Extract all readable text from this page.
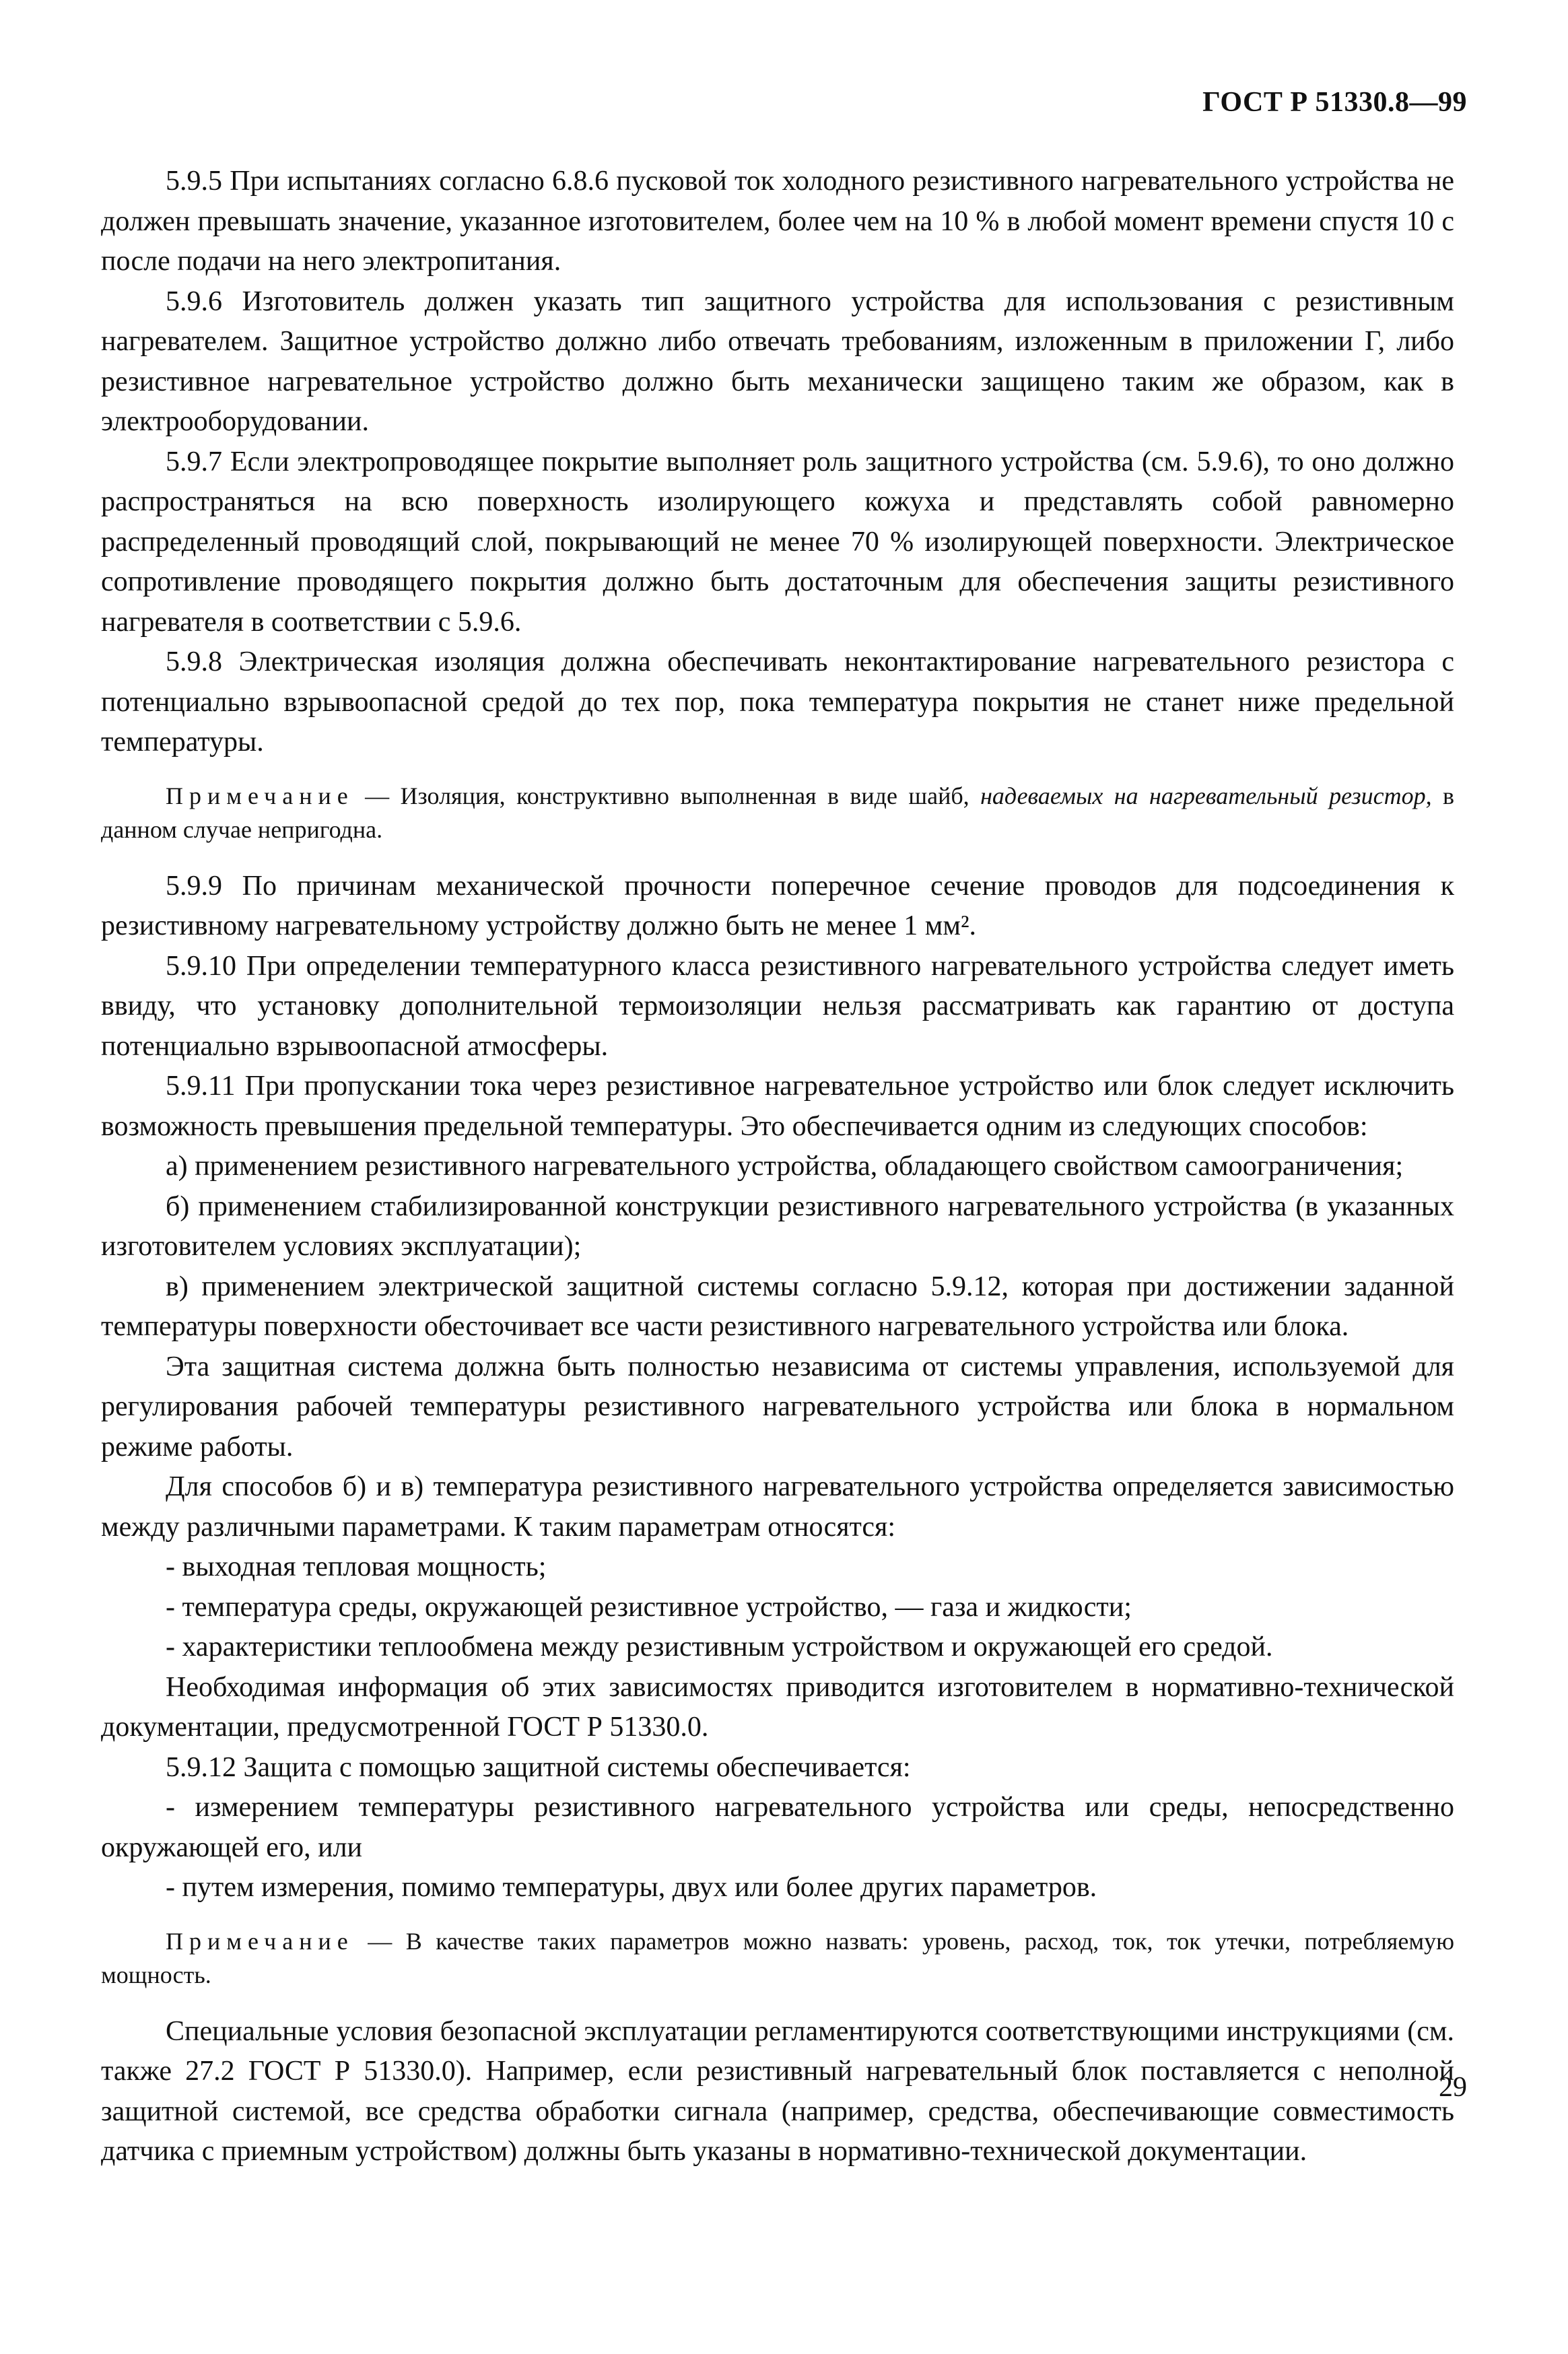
ГОСТ Р 51330.8—99

5.9.5 При испытаниях согласно 6.8.6 пусковой ток холодного резистивного нагревательного устройства не должен превышать значение, указанное изготовителем, более чем на 10 % в любой момент времени спустя 10 с после подачи на него электропитания.

5.9.6 Изготовитель должен указать тип защитного устройства для использования с резистивным нагревателем. Защитное устройство должно либо отвечать требованиям, изложенным в приложении Г, либо резистивное нагревательное устройство должно быть механически защищено таким же образом, как в электрооборудовании.

5.9.7 Если электропроводящее покрытие выполняет роль защитного устройства (см. 5.9.6), то оно должно распространяться на всю поверхность изолирующего кожуха и представлять собой равномерно распределенный проводящий слой, покрывающий не менее 70 % изолирующей поверхности. Электрическое сопротивление проводящего покрытия должно быть достаточным для обеспечения защиты резистивного нагревателя в соответствии с 5.9.6.

5.9.8 Электрическая изоляция должна обеспечивать неконтактирование нагревательного резистора с потенциально взрывоопасной средой до тех пор, пока температура покрытия не станет ниже предельной температуры.

Примечание — Изоляция, конструктивно выполненная в виде шайб, надеваемых на нагревательный резистор, в данном случае непригодна.

5.9.9 По причинам механической прочности поперечное сечение проводов для подсоединения к резистивному нагревательному устройству должно быть не менее 1 мм².

5.9.10 При определении температурного класса резистивного нагревательного устройства следует иметь ввиду, что установку дополнительной термоизоляции нельзя рассматривать как гарантию от доступа потенциально взрывоопасной атмосферы.

5.9.11 При пропускании тока через резистивное нагревательное устройство или блок следует исключить возможность превышения предельной температуры. Это обеспечивается одним из следующих способов:

а) применением резистивного нагревательного устройства, обладающего свойством самоограничения;

б) применением стабилизированной конструкции резистивного нагревательного устройства (в указанных изготовителем условиях эксплуатации);

в) применением электрической защитной системы согласно 5.9.12, которая при достижении заданной температуры поверхности обесточивает все части резистивного нагревательного устройства или блока.

Эта защитная система должна быть полностью независима от системы управления, используемой для регулирования рабочей температуры резистивного нагревательного устройства или блока в нормальном режиме работы.

Для способов б) и в) температура резистивного нагревательного устройства определяется зависимостью между различными параметрами. К таким параметрам относятся:

- выходная тепловая мощность;

- температура среды, окружающей резистивное устройство, — газа и жидкости;

- характеристики теплообмена между резистивным устройством и окружающей его средой.

Необходимая информация об этих зависимостях приводится изготовителем в нормативно-технической документации, предусмотренной ГОСТ Р 51330.0.

5.9.12 Защита с помощью защитной системы обеспечивается:

- измерением температуры резистивного нагревательного устройства или среды, непосредственно окружающей его, или

- путем измерения, помимо температуры, двух или более других параметров.

Примечание — В качестве таких параметров можно назвать: уровень, расход, ток, ток утечки, потребляемую мощность.

Специальные условия безопасной эксплуатации регламентируются соответствующими инструкциями (см. также 27.2 ГОСТ Р 51330.0). Например, если резистивный нагревательный блок поставляется с неполной защитной системой, все средства обработки сигнала (например, средства, обеспечивающие совместимость датчика с приемным устройством) должны быть указаны в нормативно-технической документации.

29
